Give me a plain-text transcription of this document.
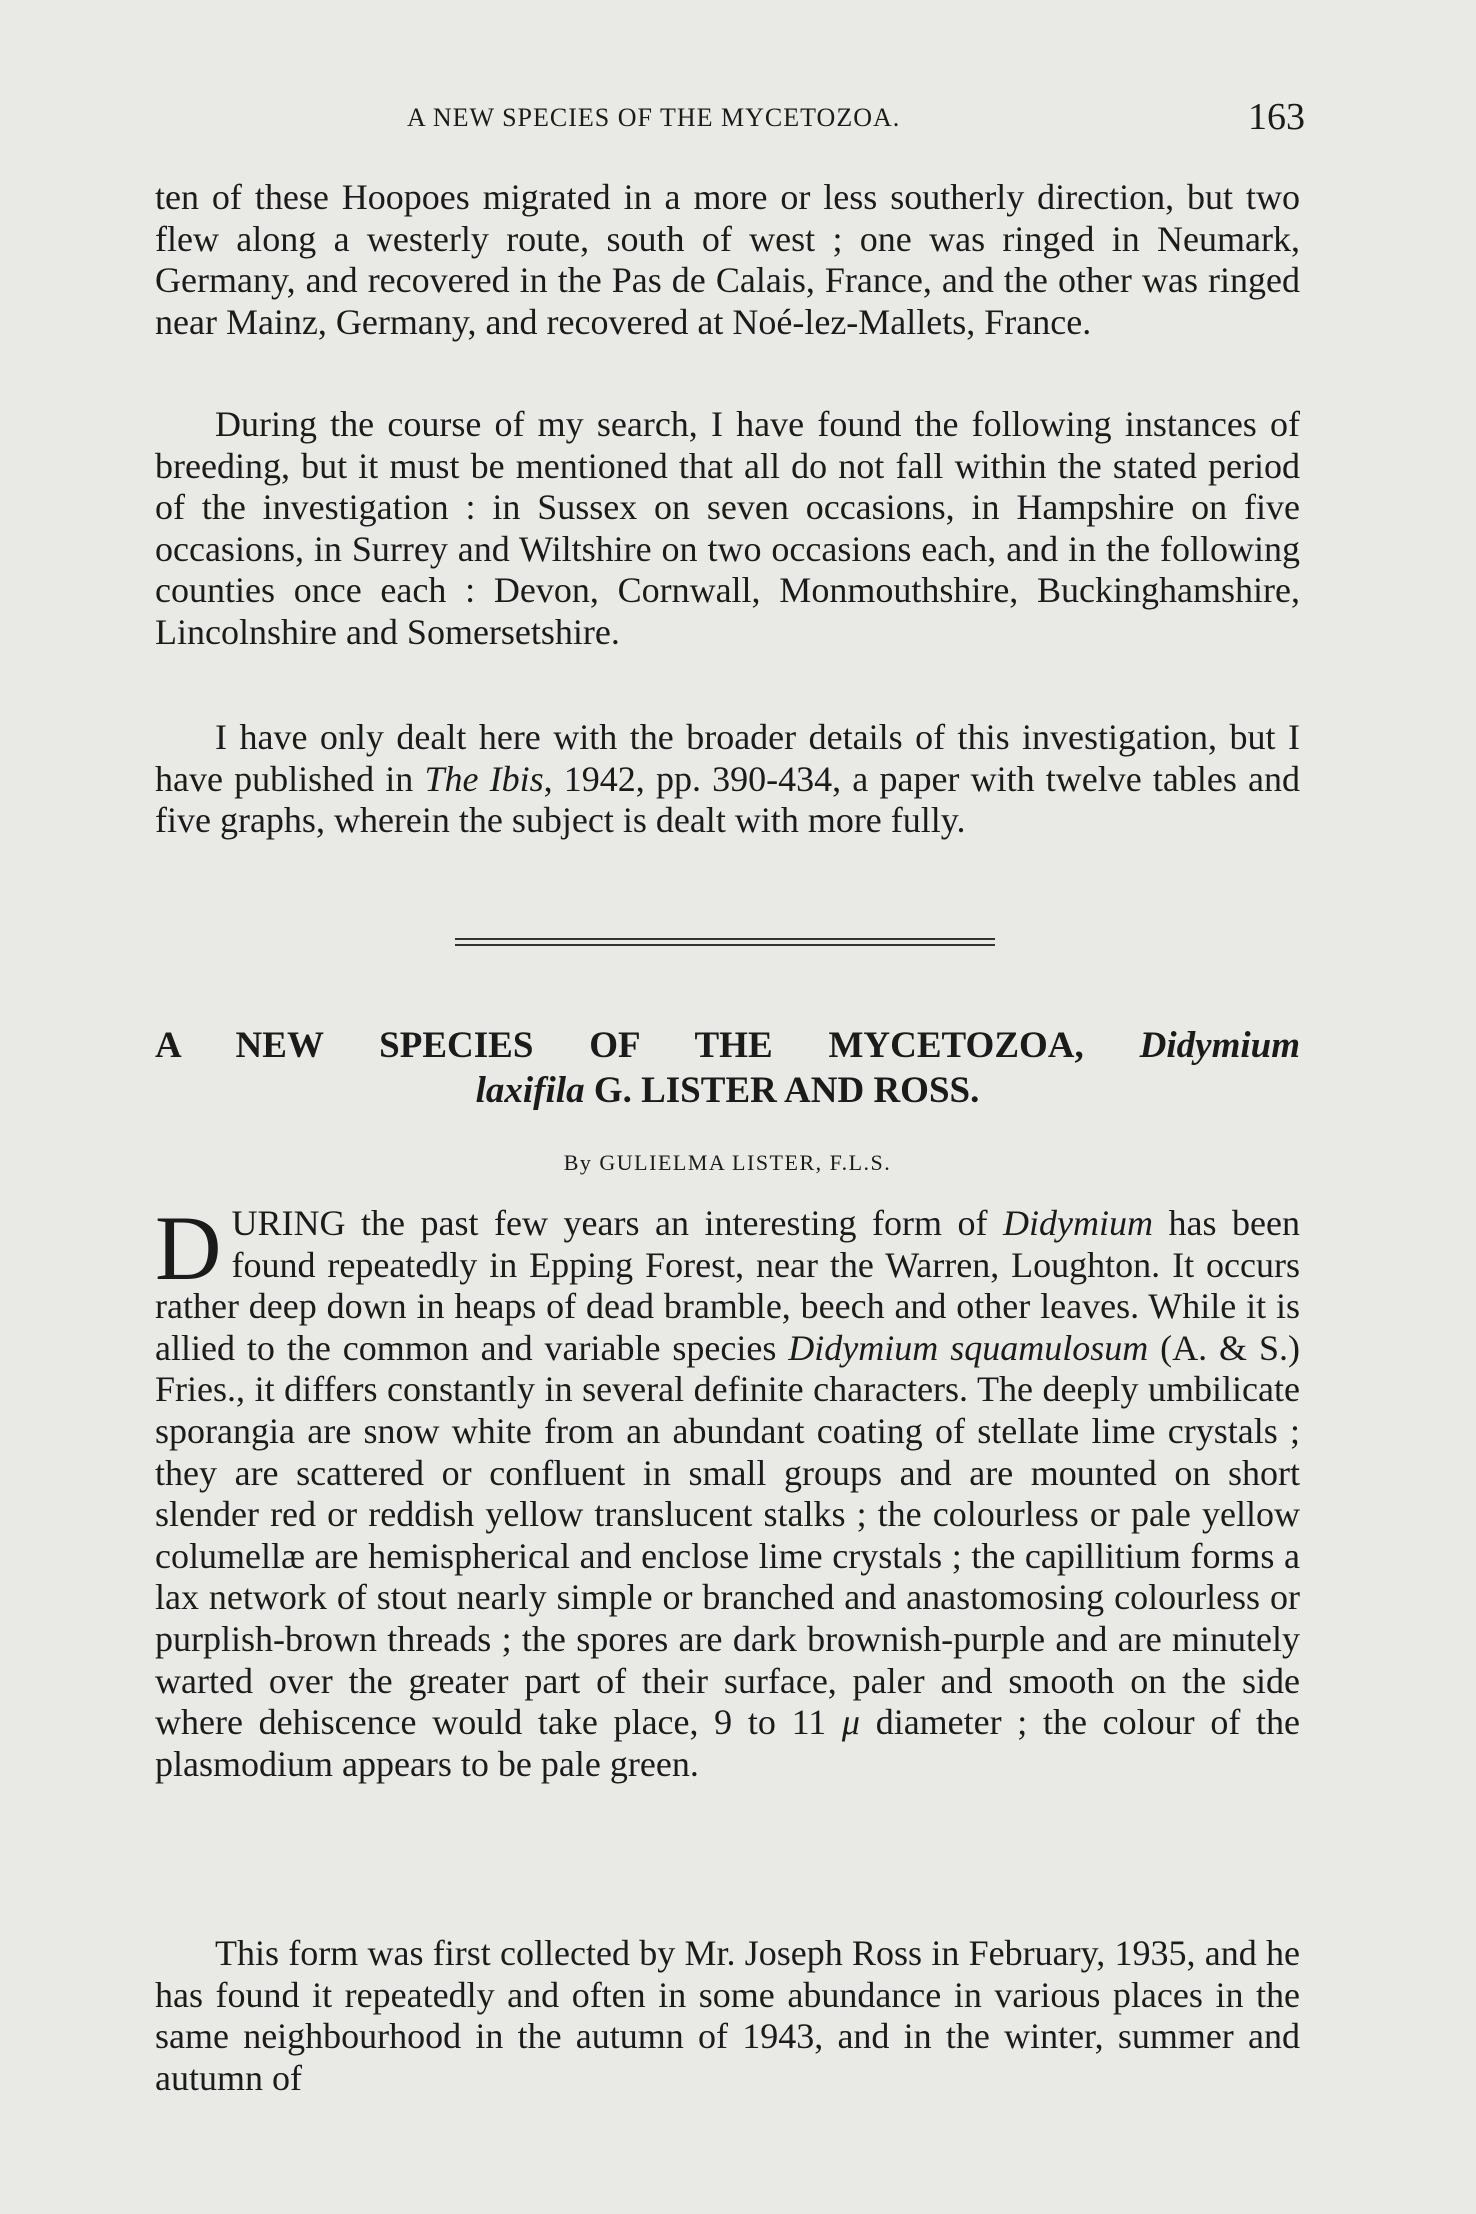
A NEW SPECIES OF THE MYCETOZOA.	163

ten of these Hoopoes migrated in a more or less southerly direction, but two flew along a westerly route, south of west ; one was ringed in Neumark, Germany, and recovered in the Pas de Calais, France, and the other was ringed near Mainz, Germany, and recovered at Noé-lez-Mallets, France.

During the course of my search, I have found the following instances of breeding, but it must be mentioned that all do not fall within the stated period of the investigation : in Sussex on seven occasions, in Hampshire on five occasions, in Surrey and Wiltshire on two occasions each, and in the following counties once each : Devon, Cornwall, Monmouthshire, Buckinghamshire, Lincolnshire and Somersetshire.

I have only dealt here with the broader details of this investigation, but I have published in The Ibis, 1942, pp. 390-434, a paper with twelve tables and five graphs, wherein the subject is dealt with more fully.

A NEW SPECIES OF THE MYCETOZOA, Didymium
laxifila G. LISTER AND ROSS.
By GULIELMA LISTER, F.L.S.

DURING the past few years an interesting form of Didymium has been found repeatedly in Epping Forest, near the Warren, Loughton. It occurs rather deep down in heaps of dead bramble, beech and other leaves. While it is allied to the common and variable species Didymium squamulosum (A. & S.) Fries., it differs constantly in several definite characters. The deeply umbilicate sporangia are snow white from an abundant coating of stellate lime crystals ; they are scattered or confluent in small groups and are mounted on short slender red or reddish yellow translucent stalks ; the colourless or pale yellow columellæ are hemispherical and enclose lime crystals ; the capillitium forms a lax network of stout nearly simple or branched and anastomosing colourless or purplish-brown threads ; the spores are dark brownish-purple and are minutely warted over the greater part of their surface, paler and smooth on the side where dehiscence would take place, 9 to 11 μ diameter ; the colour of the plasmodium appears to be pale green.

This form was first collected by Mr. Joseph Ross in February, 1935, and he has found it repeatedly and often in some abundance in various places in the same neighbourhood in the autumn of 1943, and in the winter, summer and autumn of
